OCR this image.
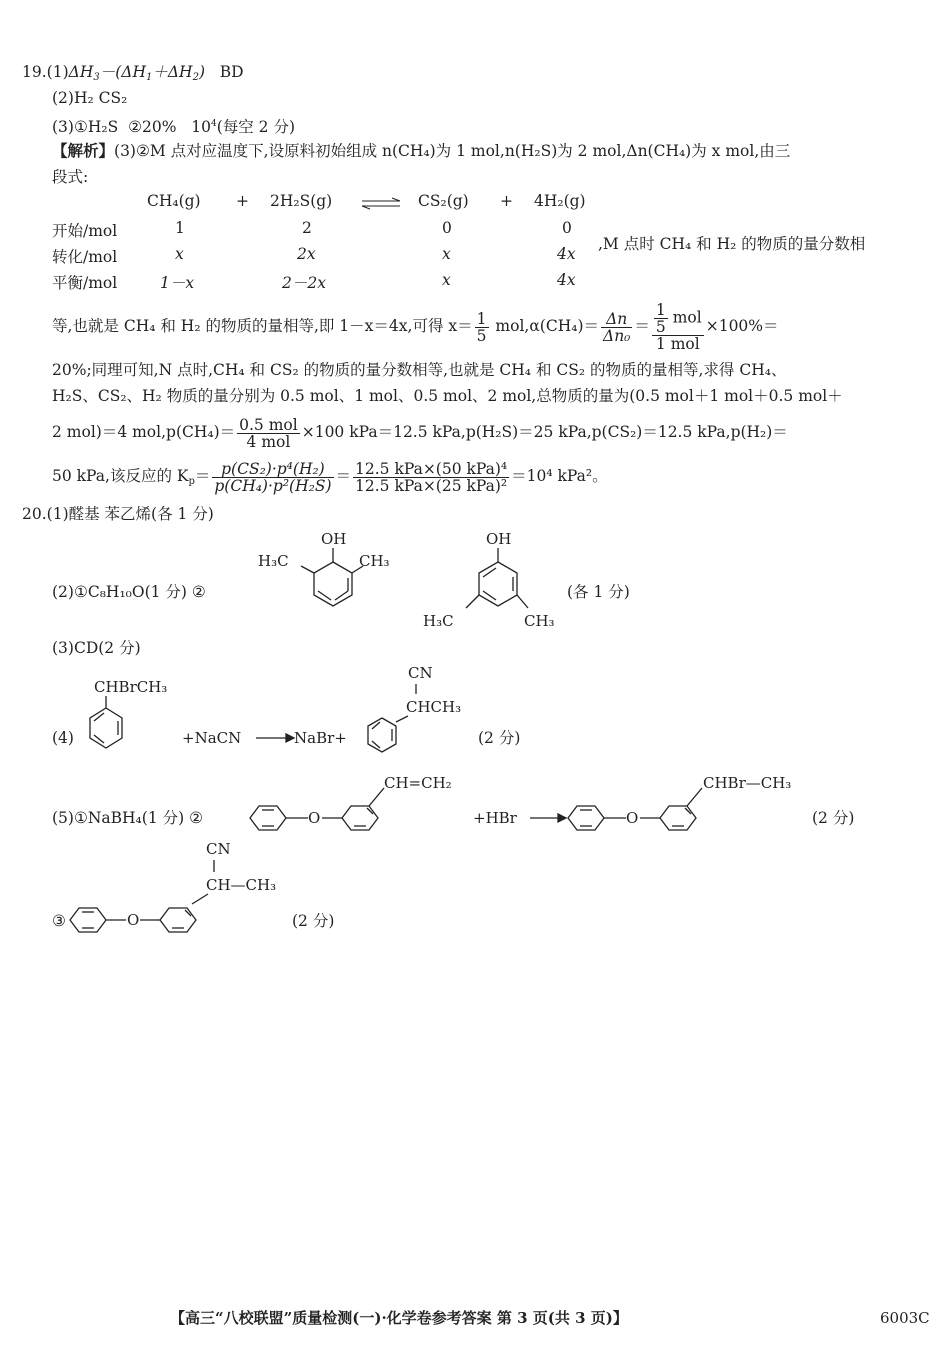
$19.(1)\Delta H_3-(\Delta H_1+\Delta H_2)$ BD
(2)H₂ CS₂
(3)①H₂S ②20% $10^4$(每空 2 分)
【解析】(3)②M 点对应温度下,设原料初始组成 n(CH₄)为 1 mol,n(H₂S)为 2 mol,Δn(CH₄)为 x mol,由三
段式:
CH₄(g) + 2H₂S(g) ⇌ CS₂(g) + 4H₂(g)
开始/mol	1	2	0	0
转化/mol	x	2x	x	4x
平衡/mol	1－x	2－2x	x	4x
,M 点时 CH₄ 和 H₂ 的物质的量分数相
等,也就是 CH₄ 和 H₂ 的物质的量相等,即 1－x＝4x,可得 $x= \frac{1}{5} mol,\alpha(CH_4)= \frac{\Delta n}{\text{Δn₀}} = \frac{\frac{1}{5} mol}{\text{1 mol}} \times 100\%=$
20%;同理可知,N 点时,CH₄ 和 CS₂ 的物质的量分数相等,也就是 CH₄ 和 CS₂ 的物质的量相等,求得 CH₄、
H₂S、CS₂、H₂ 物质的量分别为 0.5 mol、1 mol、0.5 mol、2 mol,总物质的量为(0.5 mol＋1 mol＋0.5 mol＋
2 mol)＝4 $mol,p(CH_4)= \frac{\text{0.5 mol}}{\text{4 mol}} \times 100$ kPa＝12.5 kPa,p(H₂S)＝25 kPa,p(CS₂)＝12.5 kPa,p(H₂)＝
50 kPa,该反应的 $K_p= \frac{\text{p(CS₂)·p⁴(H₂)}}{\text{p(CH₄)·p²(H₂S)}} = \frac{\text{12.5 kPa×(50 kPa)⁴}}{\text{12.5 kPa×(25 kPa)²}} =10^4$ kPa²。
20.(1)醛基 苯乙烯(各 1 分)
(2)①C₈H₁₀O(1 分) ②
OH
H₃C	CH₃
OH
H₃C	CH₃
(各 1 分)
(3)CD(2 分)
(4)
CHBrCH₃
+NaCN	NaBr+
CN
CHCH₃
(2 分)
(5)①NaBH₄(1 分) ②	O
CH=CH₂
+HBr	O
CHBr—CH₃
(2 分)
③
CN
CH—CH₃
O	(2 分)
【高三“八校联盟”质量检测(一)·化学卷参考答案 第 3 页(共 3 页)】	6003C
